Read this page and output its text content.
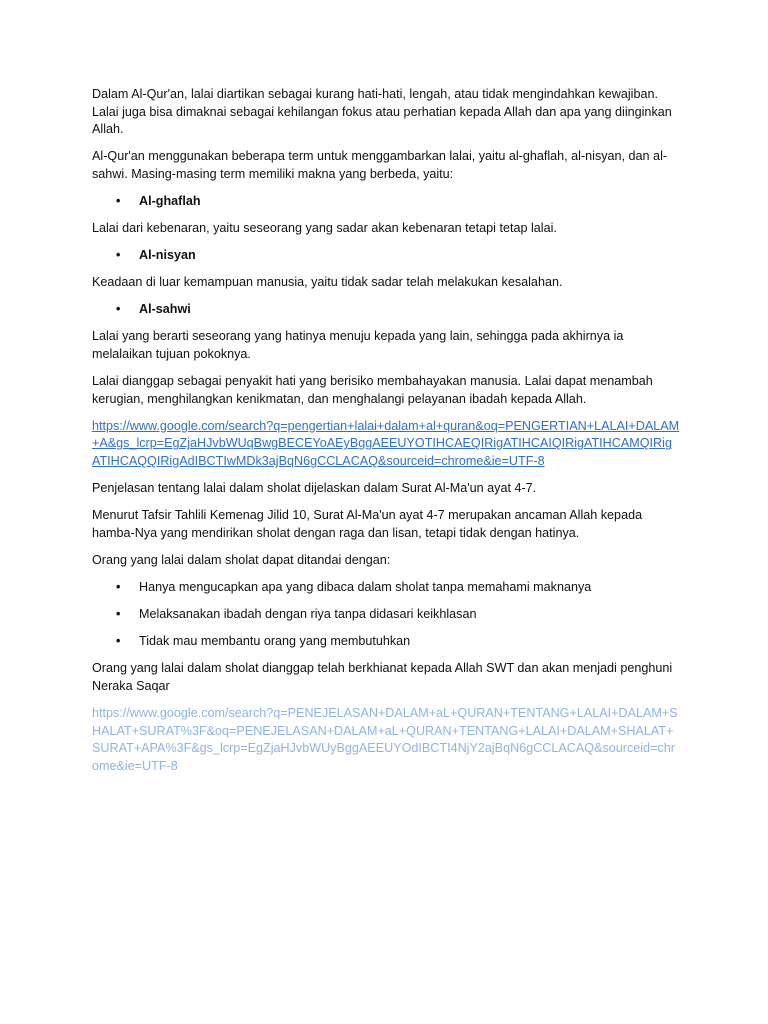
Dalam Al-Qur'an, lalai diartikan sebagai kurang hati-hati, lengah, atau tidak mengindahkan kewajiban. Lalai juga bisa dimaknai sebagai kehilangan fokus atau perhatian kepada Allah dan apa yang diinginkan Allah.

Al-Qur'an menggunakan beberapa term untuk menggambarkan lalai, yaitu al-ghaflah, al-nisyan, dan al-sahwi. Masing-masing term memiliki makna yang berbeda, yaitu:

• Al-ghaflah

Lalai dari kebenaran, yaitu seseorang yang sadar akan kebenaran tetapi tetap lalai.

• Al-nisyan

Keadaan di luar kemampuan manusia, yaitu tidak sadar telah melakukan kesalahan.

• Al-sahwi

Lalai yang berarti seseorang yang hatinya menuju kepada yang lain, sehingga pada akhirnya ia melalaikan tujuan pokoknya.

Lalai dianggap sebagai penyakit hati yang berisiko membahayakan manusia. Lalai dapat menambah kerugian, menghilangkan kenikmatan, dan menghalangi pelayanan ibadah kepada Allah.

https://www.google.com/search?q=pengertian+lalai+dalam+al+quran&oq=PENGERTIAN+LALAI+DALAM+A&gs_lcrp=EgZjaHJvbWUqBwgBECEYoAEyBggAEEUYOTIHCAEQIRigATIHCAIQIRigATIHCAMQIRigATIHCAQQIRigAdIBCTIwMDk3ajBqN6gCCLACAQ&sourceid=chrome&ie=UTF-8

Penjelasan tentang lalai dalam sholat dijelaskan dalam Surat Al-Ma'un ayat 4-7.

Menurut Tafsir Tahlili Kemenag Jilid 10, Surat Al-Ma'un ayat 4-7 merupakan ancaman Allah kepada hamba-Nya yang mendirikan sholat dengan raga dan lisan, tetapi tidak dengan hatinya.

Orang yang lalai dalam sholat dapat ditandai dengan:

• Hanya mengucapkan apa yang dibaca dalam sholat tanpa memahami maknanya
• Melaksanakan ibadah dengan riya tanpa didasari keikhlasan
• Tidak mau membantu orang yang membutuhkan

Orang yang lalai dalam sholat dianggap telah berkhianat kepada Allah SWT dan akan menjadi penghuni Neraka Saqar

https://www.google.com/search?q=PENEJELASAN+DALAM+aL+QURAN+TENTANG+LALAI+DALAM+SHALAT+SURAT%3F&oq=PENEJELASAN+DALAM+aL+QURAN+TENTANG+LALAI+DALAM+SHALAT+SURAT+APA%3F&gs_lcrp=EgZjaHJvbWUyBggAEEUYOdIBCTI4NjY2ajBqN6gCCLACAQ&sourceid=chrome&ie=UTF-8
